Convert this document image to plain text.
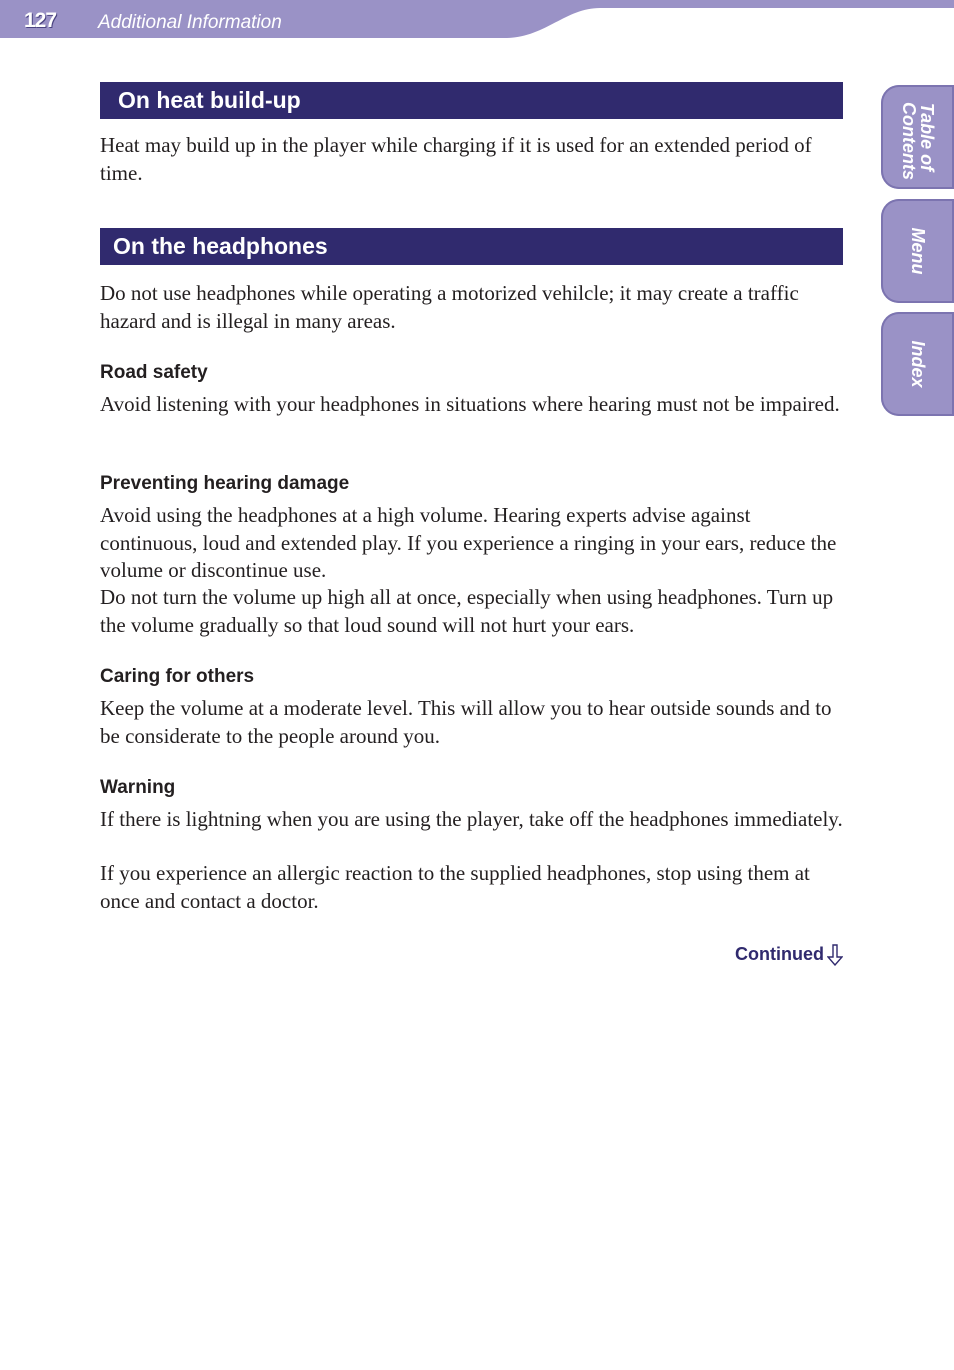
127 Additional Information
Table of Contents
Menu
Index
On heat build-up
Heat may build up in the player while charging if it is used for an extended period of time.
On the headphones
Do not use headphones while operating a motorized vehilcle; it may create a traffic hazard and is illegal in many areas.
Road safety
Avoid listening with your headphones in situations where hearing must not be impaired.
Preventing hearing damage
Avoid using the headphones at a high volume. Hearing experts advise against continuous, loud and extended play. If you experience a ringing in your ears, reduce the volume or discontinue use.
Do not turn the volume up high all at once, especially when using headphones. Turn up the volume gradually so that loud sound will not hurt your ears.
Caring for others
Keep the volume at a moderate level. This will allow you to hear outside sounds and to be considerate to the people around you.
Warning
If there is lightning when you are using the player, take off the headphones immediately.
If you experience an allergic reaction to the supplied headphones, stop using them at once and contact a doctor.
Continued
